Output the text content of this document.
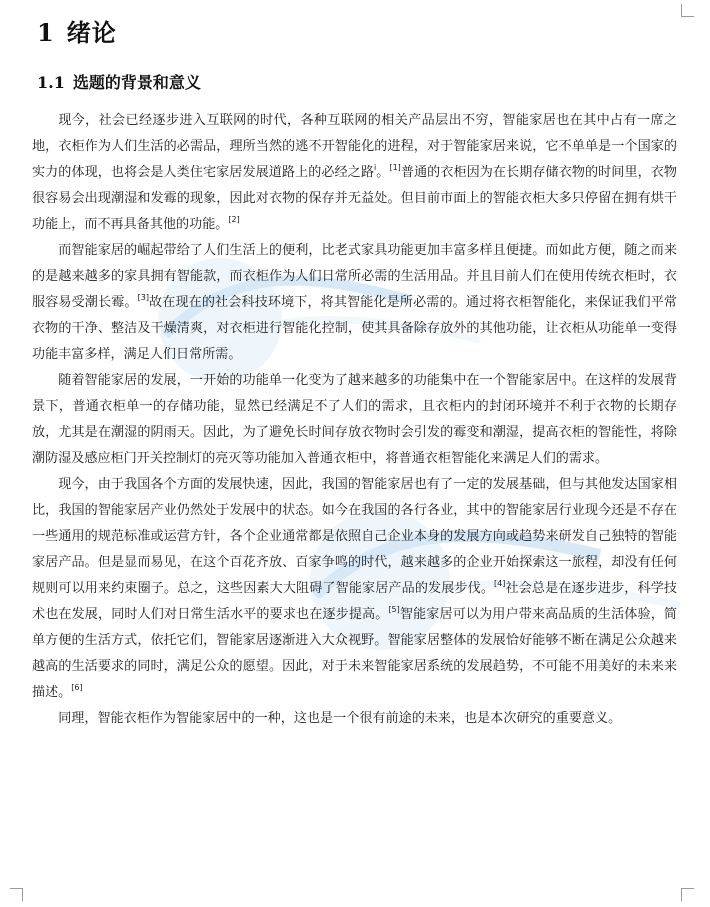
1 绪论
1.1 选题的背景和意义

现今，社会已经逐步进入互联网的时代，各种互联网的相关产品层出不穷，智能家居也在其中占有一席之地，衣柜作为人们生活的必需品，理所当然的逃不开智能化的进程，对于智能家居来说，它不单单是一个国家的实力的体现，也将会是人类住宅家居发展道路上的必经之路$^i$。[1]普通的衣柜因为在长期存储衣物的时间里，衣物很容易会出现潮湿和发霉的现象，因此对衣物的保存并无益处。但目前市面上的智能衣柜大多只停留在拥有烘干功能上，而不再具备其他的功能。[2]

而智能家居的崛起带给了人们生活上的便利，比老式家具功能更加丰富多样且便捷。而如此方便，随之而来的是越来越多的家具拥有智能款，而衣柜作为人们日常所必需的生活用品。并且目前人们在使用传统衣柜时，衣服容易受潮长霉。[3]故在现在的社会科技环境下，将其智能化是所必需的。通过将衣柜智能化，来保证我们平常衣物的干净、整洁及干燥清爽，对衣柜进行智能化控制，使其具备除存放外的其他功能，让衣柜从功能单一变得功能丰富多样，满足人们日常所需。

随着智能家居的发展，一开始的功能单一化变为了越来越多的功能集中在一个智能家居中。在这样的发展背景下，普通衣柜单一的存储功能，显然已经满足不了人们的需求，且衣柜内的封闭环境并不利于衣物的长期存放，尤其是在潮湿的阴雨天。因此，为了避免长时间存放衣物时会引发的霉变和潮湿，提高衣柜的智能性，将除潮防湿及感应柜门开关控制灯的亮灭等功能加入普通衣柜中，将普通衣柜智能化来满足人们的需求。

现今，由于我国各个方面的发展快速，因此，我国的智能家居也有了一定的发展基础，但与其他发达国家相比，我国的智能家居产业仍然处于发展中的状态。如今在我国的各行各业，其中的智能家居行业现今还是不存在一些通用的规范标准或运营方针，各个企业通常都是依照自己企业本身的发展方向或趋势来研发自己独特的智能家居产品。但是显而易见，在这个百花齐放、百家争鸣的时代，越来越多的企业开始探索这一旅程，却没有任何规则可以用来约束圈子。总之，这些因素大大阻碍了智能家居产品的发展步伐。[4]社会总是在逐步进步，科学技术也在发展，同时人们对日常生活水平的要求也在逐步提高。[5]智能家居可以为用户带来高品质的生活体验，简单方便的生活方式，依托它们，智能家居逐渐进入大众视野。智能家居整体的发展恰好能够不断在满足公众越来越高的生活要求的同时，满足公众的愿望。因此，对于未来智能家居系统的发展趋势，不可能不用美好的未来来描述。[6]

同理，智能衣柜作为智能家居中的一种，这也是一个很有前途的未来，也是本次研究的重要意义。
